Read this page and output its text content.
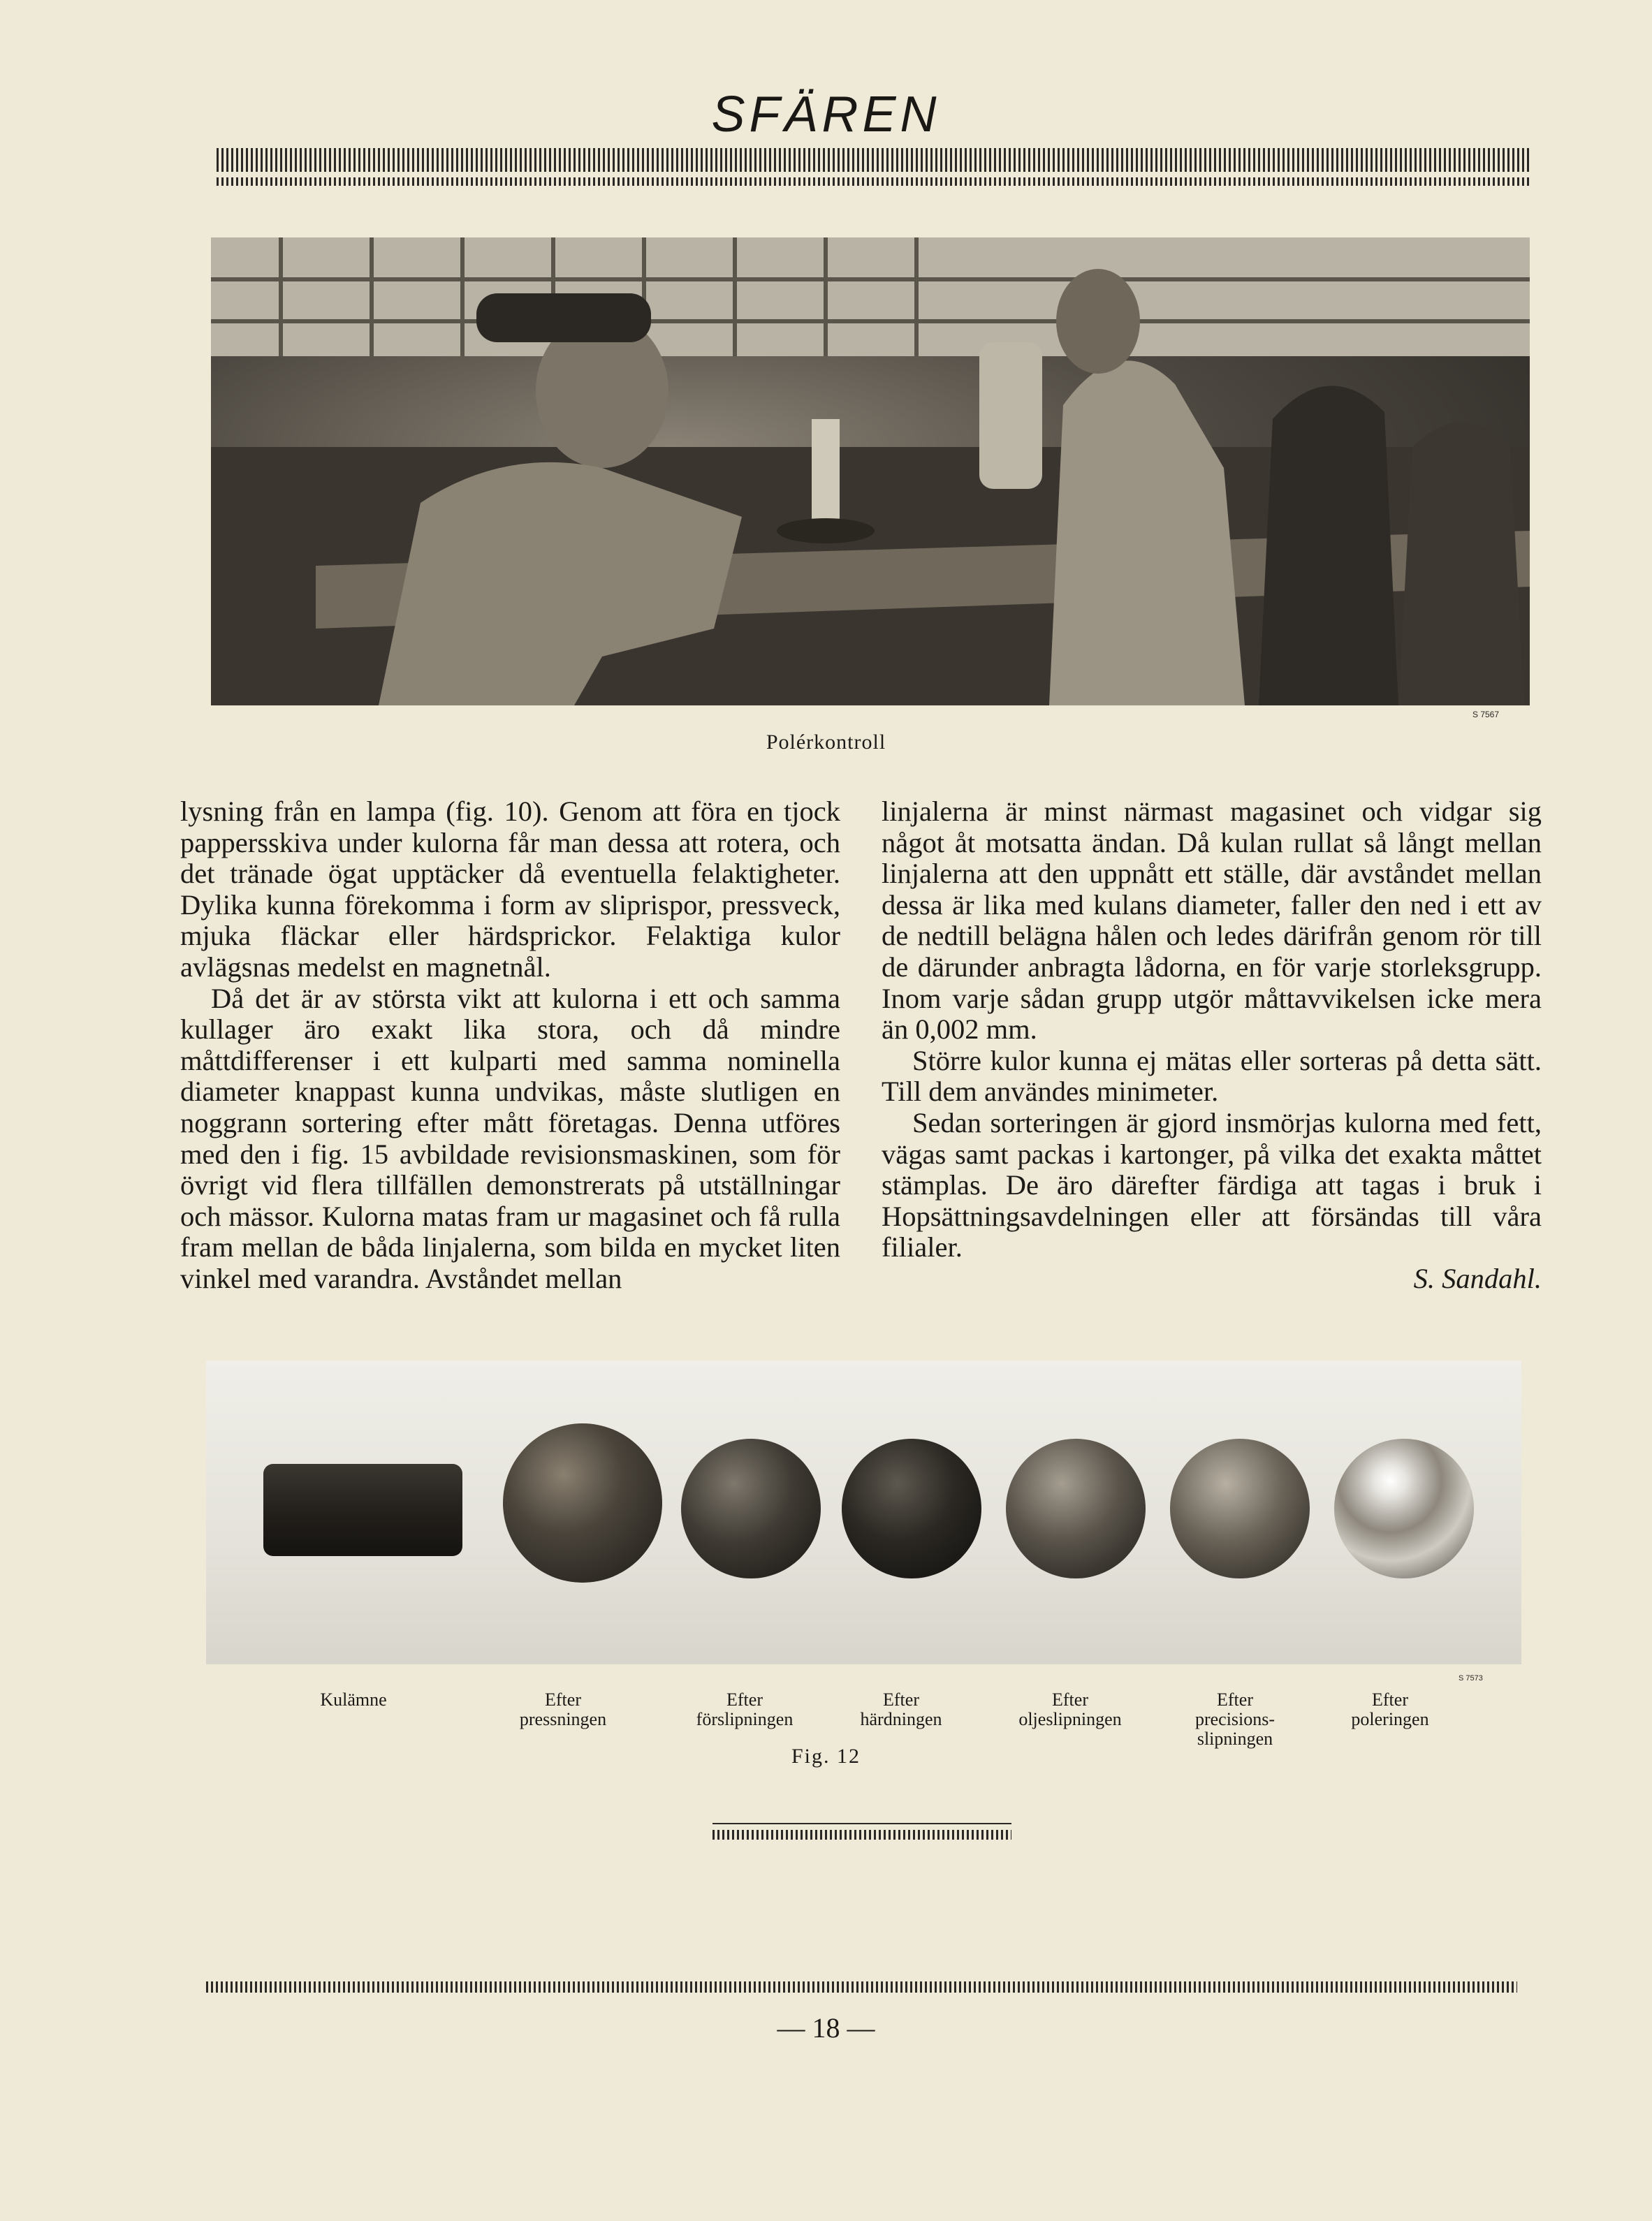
SFÄREN
S 7567
Polérkontroll

lysning från en lampa (fig. 10). Genom att föra en tjock pappersskiva under kulorna får man dessa att rotera, och det tränade ögat upptäcker då eventuella felaktigheter. Dylika kunna förekomma i form av sliprispor, pressveck, mjuka fläckar eller härdsprickor. Felaktiga kulor avlägsnas medelst en magnetnål.

Då det är av största vikt att kulorna i ett och samma kullager äro exakt lika stora, och då mindre måttdifferenser i ett kulparti med samma nominella diameter knappast kunna undvikas, måste slutligen en noggrann sortering efter mått företagas. Denna utföres med den i fig. 15 avbildade revisionsmaskinen, som för övrigt vid flera tillfällen demonstrerats på utställningar och mässor. Kulorna matas fram ur magasinet och få rulla fram mellan de båda linjalerna, som bilda en mycket liten vinkel med varandra. Avståndet mellan

linjalerna är minst närmast magasinet och vidgar sig något åt motsatta ändan. Då kulan rullat så långt mellan linjalerna att den uppnått ett ställe, där avståndet mellan dessa är lika med kulans diameter, faller den ned i ett av de nedtill belägna hålen och ledes därifrån genom rör till de därunder anbragta lådorna, en för varje storleksgrupp. Inom varje sådan grupp utgör måttavvikelsen icke mera än 0,002 mm.

Större kulor kunna ej mätas eller sorteras på detta sätt. Till dem användes minimeter.

Sedan sorteringen är gjord insmörjas kulorna med fett, vägas samt packas i kartonger, på vilka det exakta måttet stämplas. De äro därefter färdiga att tagas i bruk i Hopsättningsavdelningen eller att försändas till våra filialer.

S. Sandahl.

S 7573
Kulämne	Efter
pressningen
Efter
förslipningen
Efter
härdningen
Efter
oljeslipningen
Efter
precisions-
slipningen
Efter
poleringen
Fig. 12
— 18 —
